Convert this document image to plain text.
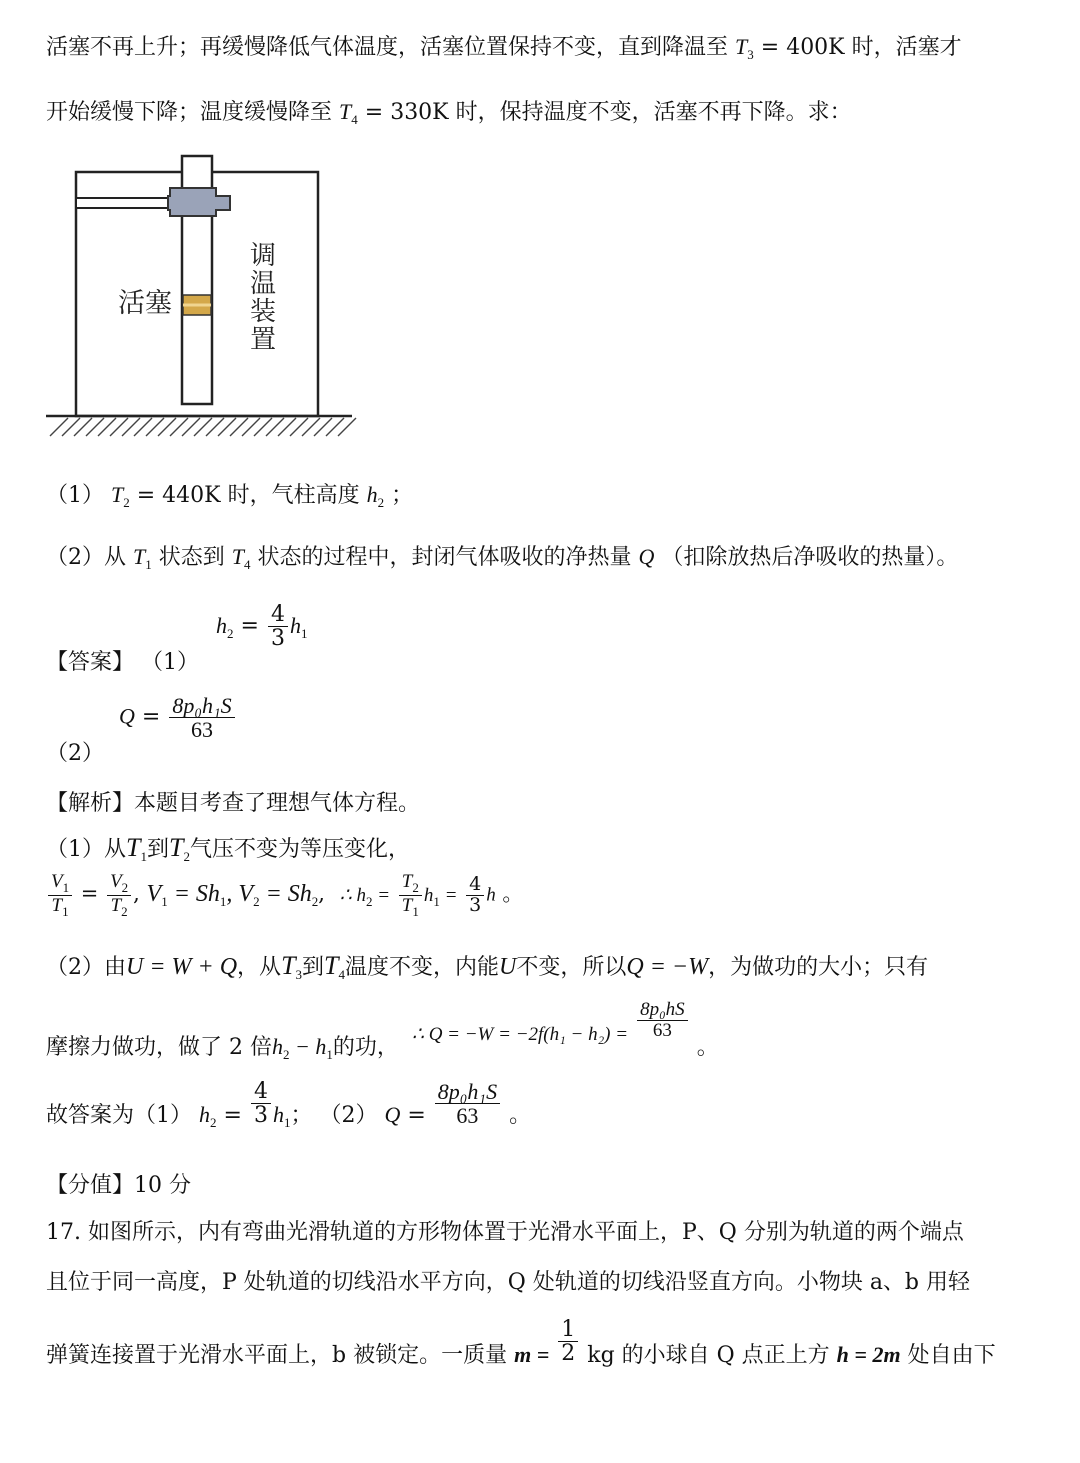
活塞不再上升；再缓慢降低气体温度，活塞位置保持不变，直到降温至 $T_3 = 400K$ 时，活塞才
开始缓慢下降；温度缓慢降至 $T_4 = 330K$ 时，保持温度不变，活塞不再下降。求：
活塞
调
温
装
置
（1） $T_2 = 440K$ 时，气柱高度 $h_2$ ；
（2）从 $T_1$ 状态到 $T_4$ 状态的过程中，封闭气体吸收的净热量 Q （扣除放热后净吸收的热量）。
【答案】 （1） $h_2 = \frac{4}{3} h_1$
（2） $Q = \frac{\text{8p₀h₁S}}{63}$
【解析】本题目考查了理想气体方程。
（1）从$T_1$到$T_2$气压不变为等压变化，
$\frac{V_1}{T_1} = \frac{V_2}{T_2}$ , $V_1 = Sh_1$, $V_2 = Sh_2$, ∴ $h_2 = \frac{T_2}{T_1} h_1 = \frac{4}{3}$ h 。
（2）由U = W + Q，从$T_3$到$T_4$温度不变，内能U不变，所以Q = −W，为做功的大小；只有
摩擦力做功，做了 2 倍$h_2 - h_1$的功， ∴ $Q = -W = -2f(h_1 - h_2) = \frac{\text{8p₀hS}}{63}$
。
故答案为（1） $h_2 = \frac{4}{3} h_1$； （2） $Q = \frac{\text{8p₀h₁S}}{63}$ 。
【分值】10 分
17. 如图所示，内有弯曲光滑轨道的方形物体置于光滑水平面上，P、Q 分别为轨道的两个端点
且位于同一高度，P 处轨道的切线沿水平方向，Q 处轨道的切线沿竖直方向。小物块 a、b 用轻
弹簧连接置于光滑水平面上，b 被锁定。一质量 $m = \frac{1}{2}$ kg 的小球自 Q 点正上方 h = 2m 处自由下
